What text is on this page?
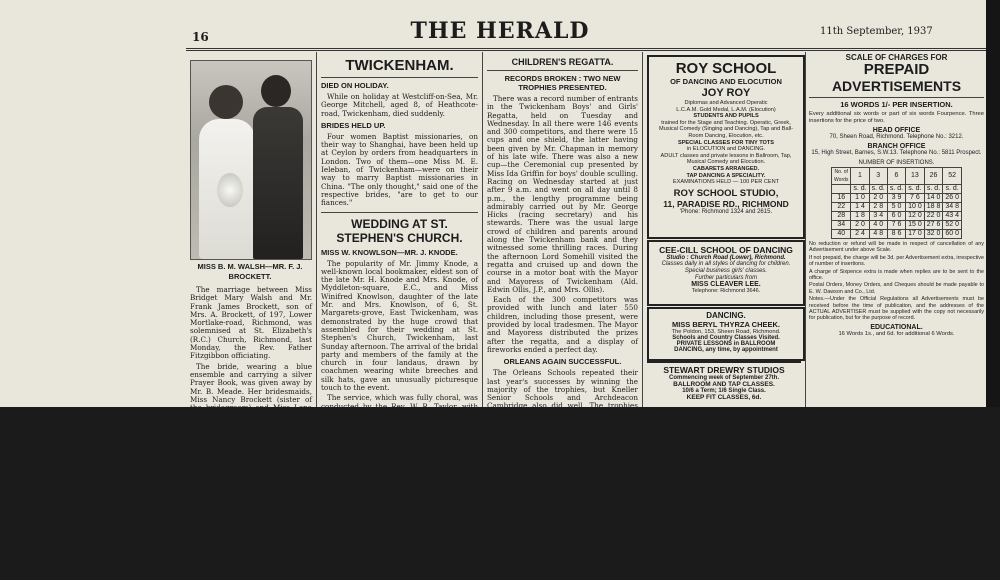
16	THE HERALD	11th September, 1937
MISS B. M. WALSH—MR. F. J. BROCKETT.

The marriage between Miss Bridget Mary Walsh and Mr. Frank James Brockett, son of Mrs. A. Brockett, of 197, Lower Mortlake-road, Richmond, was solemnised at St. Elizabeth's (R.C.) Church, Richmond, last Monday, the Rev. Father Fitzgibbon officiating.

The bride, wearing a blue ensemble and carrying a silver Prayer Book, was given away by Mr. B. Meade. Her bridesmaids, Miss Nancy Brockett (sister of the bridegroom) and Miss Lena Clancy (niece of the bride), were attired in blue satin dresses, with headdresses of blue and silver leaves, and carried ornamental handbags (presented

TWICKENHAM.
DIED ON HOLIDAY.

While on holiday at Westcliff-on-Sea, Mr. George Mitchell, aged 8, of Heathcote-road, Twickenham, died suddenly.

BRIDES HELD UP.

Four women Baptist missionaries, on their way to Shanghai, have been held up at Ceylon by orders from headquarters in London. Two of them—one Miss M. E. Ieleban, of Twickenham—were on their way to marry Baptist missionaries in China. "The only thought," said one of the respective brides, "are to get to our fiances."

WEDDING AT ST. STEPHEN'S CHURCH.
MISS W. KNOWLSON—MR. J. KNODE.

The popularity of Mr. Jimmy Knode, a well-known local bookmaker, eldest son of the late Mr. H. Knode and Mrs. Knode, of Myddleton-square, E.C., and Miss Winifred Knowlson, daughter of the late Mr. and Mrs. Knowlson, of 6, St. Margarets-grove, East Twickenham, was demonstrated by the huge crowd that assembled for their wedding at St. Stephen's Church, Twickenham, last Sunday afternoon. The arrival of the bridal party and members of the family at the church in four landaus, drawn by coachmen wearing white breeches and silk hats, gave an unusually picturesque touch to the event.

The service, which was fully choral, was conducted by the Rev. W. R. Taylor, with Mr. Alan Peters at the organ. The hymns were "The voice that breathed o'er Eden" and "Lead us, Heavenly Father, lead us."

The bride, who was given away by Mr. Arthur Leek, wore a gown of pale green cloque, with a spray of heliotrope Cattleya orchids, and lovers picture hat. Her gold snake bangle was the gift of the bridegroom, and she carried a bouquet of dark red roses.

Her four attendants were Mrs. Evans (maid of honour), Miss A. Knode, Miss Marjorie Mole, and Miss Pat Young. Their dresses were of silk taffeta, made in crinoline style, in

CHILDREN'S REGATTA.
RECORDS BROKEN : TWO NEW TROPHIES PRESENTED.

There was a record number of entrants in the Twickenham Boys' and Girls' Regatta, held on Tuesday and Wednesday. In all there were 146 events and 300 competitors, and there were 15 cups and one shield, the latter having been given by Mr. Chapman in memory of his late wife. There was also a new cup—the Ceremonial cup presented by Miss Ida Griffin for boys' double sculling. Racing on Wednesday started at just after 9 a.m. and went on all day until 8 p.m., the lengthy programme being admirably carried out by Mr. George Hicks (racing secretary) and his stewards. There was the usual large crowd of children and parents around along the Twickenham bank and they witnessed some thrilling races. During the afternoon Lord Somehill visited the regatta and cruised up and down the course in a motor boat with the Mayor and Mayoress of Twickenham (Ald. Edwin Ollis, J.P., and Mrs. Ollis).

Each of the 300 competitors was provided with lunch and later 550 children, including those present, were provided by local tradesmen. The Mayor and Mayoress distributed the prizes after the regatta, and a display of fireworks ended a perfect day.

ORLEANS AGAIN SUCCESSFUL.

The Orleans Schools repeated their last year's successes by winning the majority of the trophies, but Kneller Senior Schools and Archdeacon Cambridge also did well. The trophies gained by Orleans were: The Margaret Chapman shield (girls' double sculling), the Coronation cup (boys' double sculling), the Shore cup (best pair scull), the Vigo cup (eight oars), the Peggy O'Neil cup (mixed pair scull), and the Portman Lewis cup (girls' single scull). This is a remarkable record, which will certainly be difficult to surpass. In the men's events the Eliza cup for boys' single sculling (under 16) was won by F. Abbott, who narrowly beat R. Simpson, and the Island cup for girls' single sculling (14-16) was won by C. Bradfield, after an exciting race against I. Garrard. G. Bradfield won the double who won success when he won the Phoenix cup for swimming, but F. Hall, who carried off the girls' cup, is a new champion.

PRESENTATION OF PRIZES.
ROY SCHOOL
OF DANCING AND ELOCUTION
JOY ROY
Diplomas and Advanced Operatic
L.C.A.M. Gold Medal, L.A.M. (Elocution)
STUDENTS AND PUPILS
trained for the Stage and Teaching. Operatic, Greek, Musical Comedy (Singing and Dancing), Tap and Ball-Room Dancing, Elocution, etc.
SPECIAL CLASSES FOR TINY TOTS
in ELOCUTION and DANCING.
ADULT classes and private lessons in Ballroom, Tap, Musical Comedy and Elocution.
CABARETS ARRANGED.
TAP DANCING A SPECIALITY.
EXAMINATIONS HELD — 100 PER CENT
ROY SCHOOL STUDIO,
11, PARADISE RD., RICHMOND
'Phone: Richmond 1324 and 2615.
CEE-CILL SCHOOL OF DANCING
Studio : Church Road (Lower), Richmond.
Classes daily in all styles of dancing for children. Special business girls' classes.
Further particulars from
MISS CLEAVER LEE.
Telephone: Richmond 3646.
DANCING.
MISS BERYL THYRZA CHEEK.
The Poldon, 153, Sheen Road, Richmond.
Schools and Country Classes Visited.
PRIVATE LESSONS in BALLROOM
DANCING, any time, by appointment
STEWART DREWRY STUDIOS
Commencing week of September 27th.
BALLROOM AND TAP CLASSES.
10/6 a Term; 1/6 Single Class.
KEEP FIT CLASSES, 6d.
SCALE OF CHARGES FOR
PREPAID
ADVERTISEMENTS
16 WORDS 1/- PER INSERTION.
Every additional six words or part of six words Fourpence. Three insertions for the price of two.
HEAD OFFICE
70, Sheen Road, Richmond. Telephone No.: 3212.
BRANCH OFFICE
15, High Street, Barnes, S.W.13. Telephone No.: 5811 Prospect.
NUMBER OF INSERTIONS.
No. of Words	1	3	6	13	26	52
	s. d.	s. d.	s. d.	s. d.	s. d.	s. d.
16	1 0	2 0	3 9	7 6	14 0	26 0
22	1 4	2 8	5 0	10 0	18 8	34 8
28	1 8	3 4	6 0	12 0	22 0	43 4
34	2 0	4 0	7 6	15 0	27 6	52 0
40	2 4	4 8	8 6	17 0	32 0	60 0
No reduction or refund will be made in respect of cancellation of any Advertisement under above Scale.
If not prepaid, the charge will be 3d. per Advertisement extra, irrespective of number of insertions.
A charge of Sixpence extra is made when replies are to be sent to the office.
Postal Orders, Money Orders, and Cheques should be made payable to E. W. Dawson and Co., Ltd.
Notes.—Under the Official Regulations all Advertisements must be received before the time of publication, and the addresses of the ACTUAL ADVERTISER must be supplied with the copy not necessarily for publication, but for the purpose of record.
EDUCATIONAL.
16 Words 1s., and 6d. for additional 6 Words.
